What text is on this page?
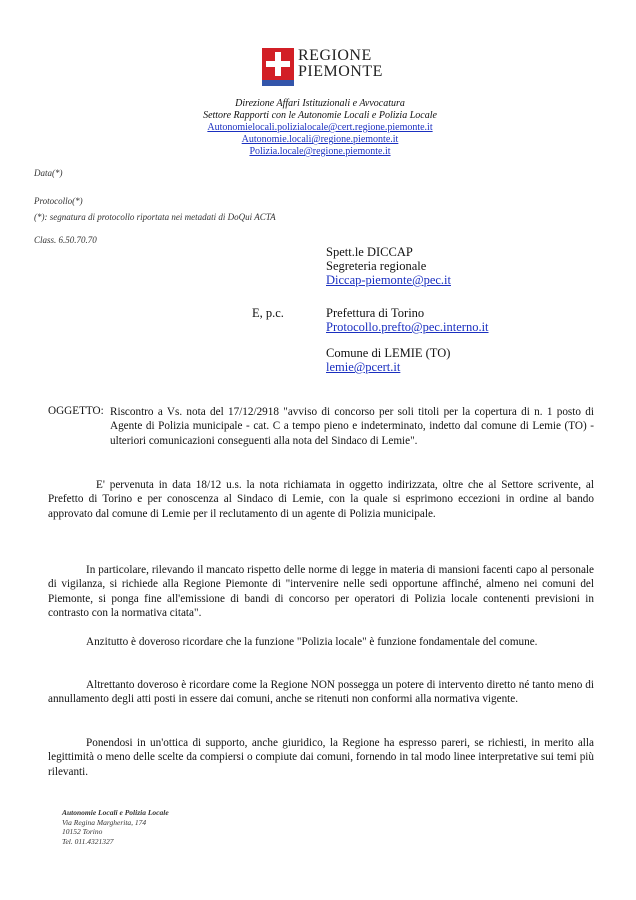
REGIONE
PIEMONTE
Direzione Affari Istituzionali e Avvocatura
Settore Rapporti con le Autonomie Locali e Polizia Locale
Autonomielocali.polizialocale@cert.regione.piemonte.it
Autonomie.locali@regione.piemonte.it
Polizia.locale@regione.piemonte.it
Data(*)
Protocollo(*)
(*): segnatura di protocollo riportata nei metadati di DoQui ACTA
Class. 6.50.70.70
Spett.le DICCAP
Segreteria regionale
Diccap-piemonte@pec.it
E, p.c.	Prefettura di Torino
Protocollo.prefto@pec.interno.it
Comune di LEMIE (TO)
lemie@pcert.it
OGGETTO: Riscontro a Vs. nota del 17/12/2918 "avviso di concorso per soli titoli per la copertura di n. 1 posto di Agente di Polizia municipale - cat. C a tempo pieno e indeterminato, indetto dal comune di Lemie (TO) - ulteriori comunicazioni conseguenti alla nota del Sindaco di Lemie".
E' pervenuta in data 18/12 u.s. la nota richiamata in oggetto indirizzata, oltre che al Settore scrivente, al Prefetto di Torino e per conoscenza al Sindaco di Lemie, con la quale si esprimono eccezioni in ordine al bando approvato dal comune di Lemie per il reclutamento di un agente di Polizia municipale.
In particolare, rilevando il mancato rispetto delle norme di legge in materia di mansioni facenti capo al personale di vigilanza, si richiede alla Regione Piemonte di "intervenire nelle sedi opportune affinché, almeno nei comuni del Piemonte, si ponga fine all'emissione di bandi di concorso per operatori di Polizia locale contenenti previsioni in contrasto con la normativa citata".
Anzitutto è doveroso ricordare che la funzione "Polizia locale" è funzione fondamentale del comune.
Altrettanto doveroso è ricordare come la Regione NON possegga un potere di intervento diretto né tanto meno di annullamento degli atti posti in essere dai comuni, anche se ritenuti non conformi alla normativa vigente.
Ponendosi in un'ottica di supporto, anche giuridico, la Regione ha espresso pareri, se richiesti, in merito alla legittimità o meno delle scelte da compiersi o compiute dai comuni, fornendo in tal modo linee interpretative sui temi più rilevanti.
Autonomie Locali e Polizia Locale
Via Regina Margherita, 174
10152 Torino
Tel. 011.4321327
